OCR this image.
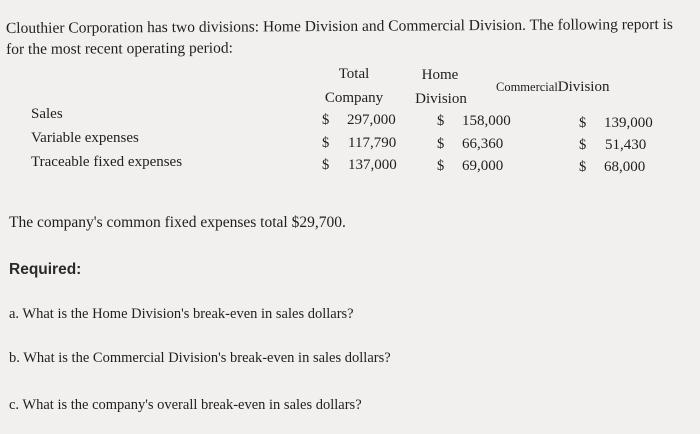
Clouthier Corporation has two divisions: Home Division and Commercial Division. The following report is for the most recent operating period:
Total
Company
Home
Division
CommercialDivision
Sales
Variable expenses
Traceable fixed expenses
$ 297,000
$ 117,790
$ 137,000
$ 158,000
$ 66,360
$ 69,000
$ 139,000
$ 51,430
$ 68,000
The company's common fixed expenses total $29,700.
Required:
a. What is the Home Division's break-even in sales dollars?
b. What is the Commercial Division's break-even in sales dollars?
c. What is the company's overall break-even in sales dollars?
